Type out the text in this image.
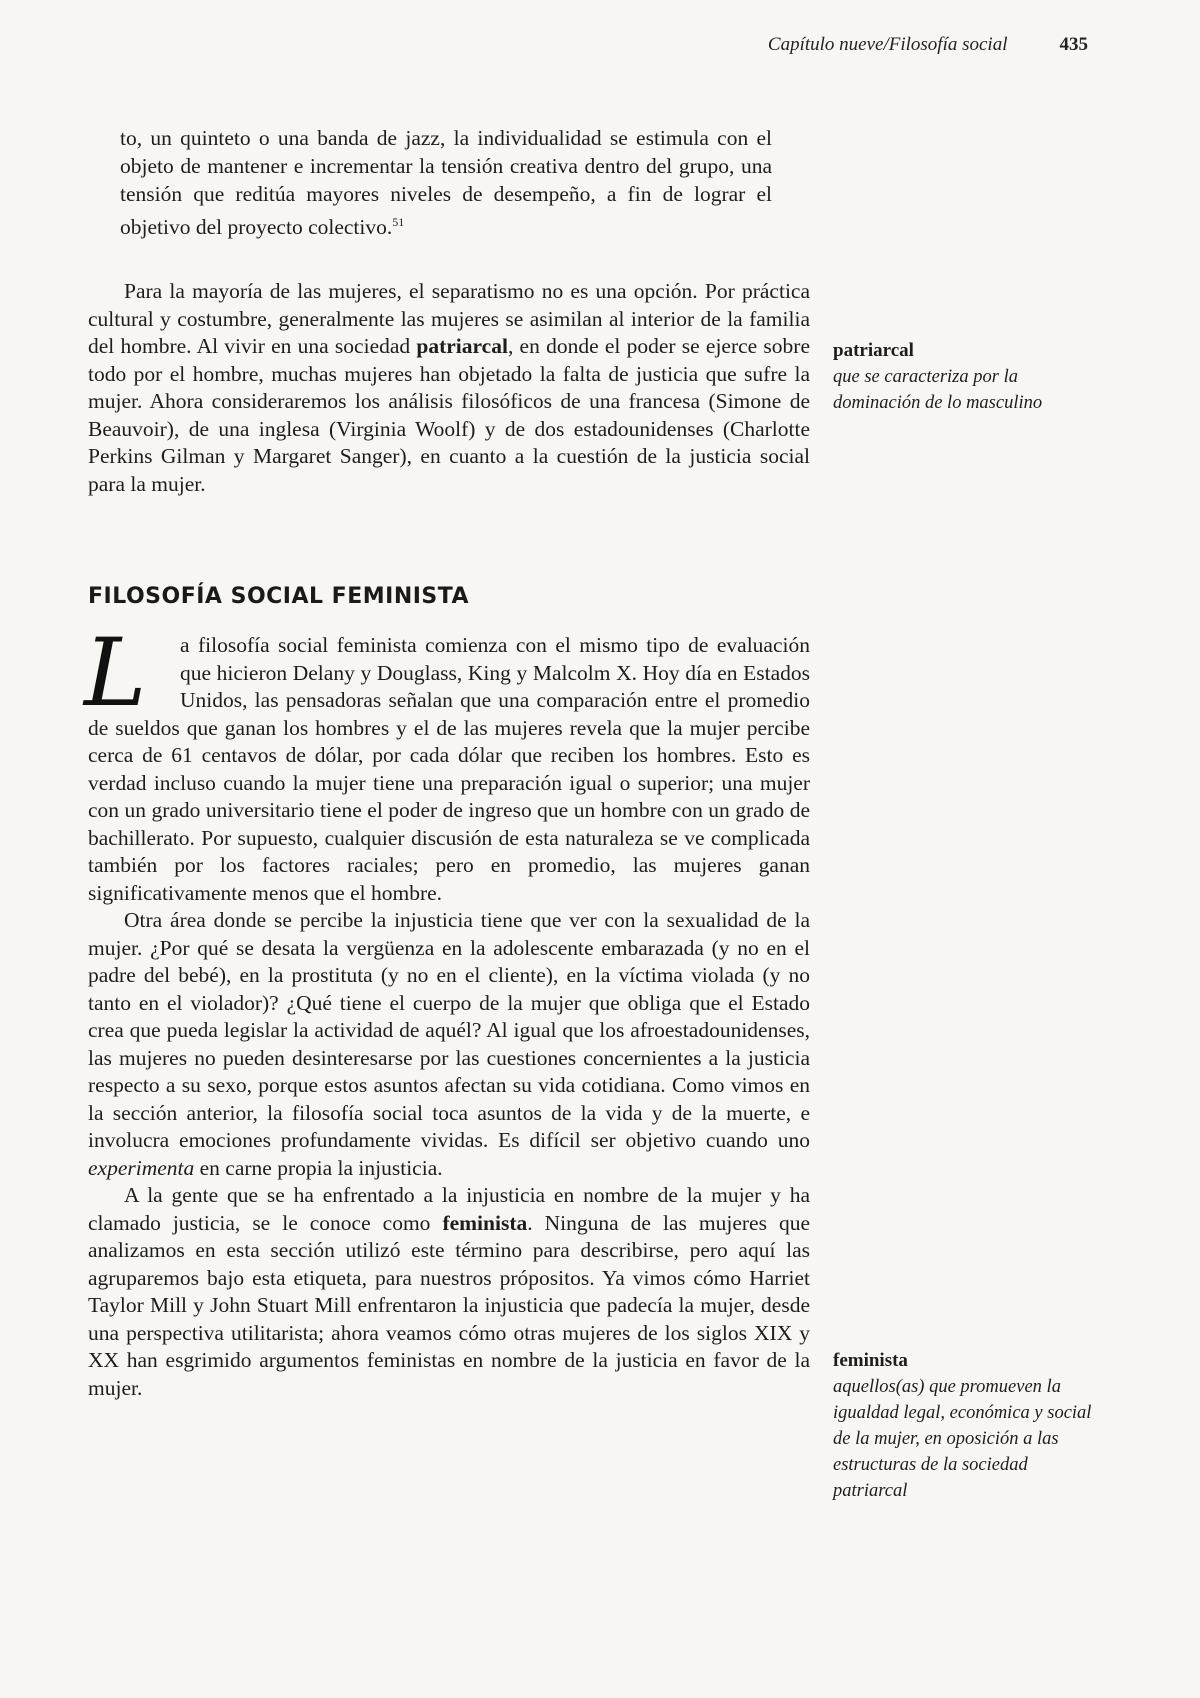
Capítulo nueve/Filosofía social	435
to, un quinteto o una banda de jazz, la individualidad se estimula con el objeto de mantener e incrementar la tensión creativa dentro del grupo, una tensión que reditúa mayores niveles de desempeño, a fin de lograr el objetivo del proyecto colectivo.$^{51}$

Para la mayoría de las mujeres, el separatismo no es una opción. Por práctica cultural y costumbre, generalmente las mujeres se asimilan al interior de la familia del hombre. Al vivir en una sociedad patriarcal, en donde el poder se ejerce sobre todo por el hombre, muchas mujeres han objetado la falta de justicia que sufre la mujer. Ahora consideraremos los análisis filosóficos de una francesa (Simone de Beauvoir), de una inglesa (Virginia Woolf) y de dos estadounidenses (Charlotte Perkins Gilman y Margaret Sanger), en cuanto a la cuestión de la justicia social para la mujer.

patriarcal
que se caracteriza por la dominación de lo masculino
FILOSOFÍA SOCIAL FEMINISTA

L	a filosofía social feminista comienza con el mismo tipo de evaluación que hicieron Delany y Douglass, King y Malcolm X. Hoy día en Estados Unidos, las pensadoras señalan que una comparación entre el promedio de sueldos que ganan los hombres y el de las mujeres revela que la mujer percibe cerca de 61 centavos de dólar, por cada dólar que reciben los hombres. Esto es verdad incluso cuando la mujer tiene una preparación igual o superior; una mujer con un grado universitario tiene el poder de ingreso que un hombre con un grado de bachillerato. Por supuesto, cualquier discusión de esta naturaleza se ve complicada también por los factores raciales; pero en promedio, las mujeres ganan significativamente menos que el hombre.

Otra área donde se percibe la injusticia tiene que ver con la sexualidad de la mujer. ¿Por qué se desata la vergüenza en la adolescente embarazada (y no en el padre del bebé), en la prostituta (y no en el cliente), en la víctima violada (y no tanto en el violador)? ¿Qué tiene el cuerpo de la mujer que obliga que el Estado crea que pueda legislar la actividad de aquél? Al igual que los afroestadounidenses, las mujeres no pueden desinteresarse por las cuestiones concernientes a la justicia respecto a su sexo, porque estos asuntos afectan su vida cotidiana. Como vimos en la sección anterior, la filosofía social toca asuntos de la vida y de la muerte, e involucra emociones profundamente vividas. Es difícil ser objetivo cuando uno experimenta en carne propia la injusticia.

A la gente que se ha enfrentado a la injusticia en nombre de la mujer y ha clamado justicia, se le conoce como feminista. Ninguna de las mujeres que analizamos en esta sección utilizó este término para describirse, pero aquí las agruparemos bajo esta etiqueta, para nuestros própositos. Ya vimos cómo Harriet Taylor Mill y John Stuart Mill enfrentaron la injusticia que padecía la mujer, desde una perspectiva utilitarista; ahora veamos cómo otras mujeres de los siglos XIX y XX han esgrimido argumentos feministas en nombre de la justicia en favor de la mujer.

feminista
aquellos(as) que promueven la igualdad legal, económica y social de la mujer, en oposición a las estructuras de la sociedad patriarcal
